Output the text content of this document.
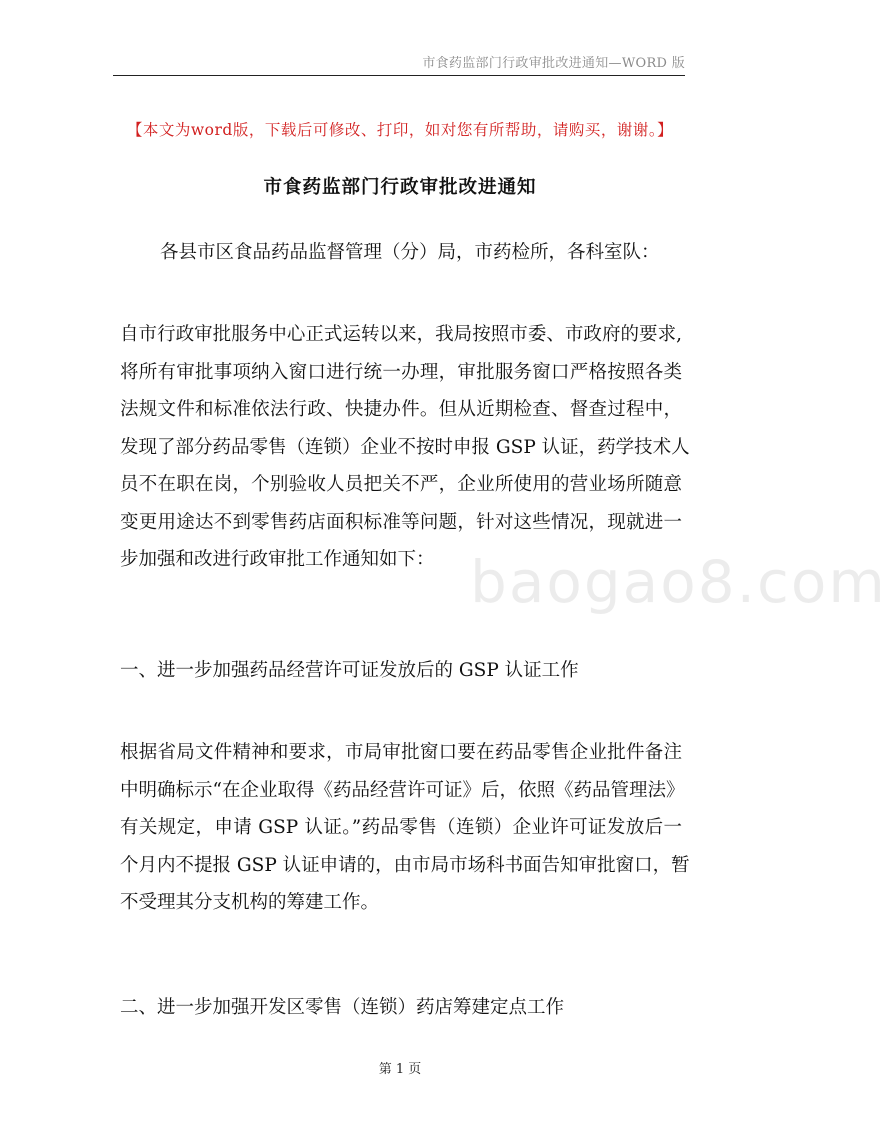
市食药监部门行政审批改进通知—WORD 版
【本文为word版，下载后可修改、打印，如对您有所帮助，请购买，谢谢。】
市食药监部门行政审批改进通知
各县市区食品药品监督管理（分）局，市药检所，各科室队：
自市行政审批服务中心正式运转以来，我局按照市委、市政府的要求,
将所有审批事项纳入窗口进行统一办理，审批服务窗口严格按照各类
法规文件和标准依法行政、快捷办件。但从近期检查、督查过程中，
发现了部分药品零售（连锁）企业不按时申报 GSP 认证，药学技术人
员不在职在岗，个别验收人员把关不严，企业所使用的营业场所随意
变更用途达不到零售药店面积标准等问题，针对这些情况，现就进一
步加强和改进行政审批工作通知如下：
一、进一步加强药品经营许可证发放后的 GSP 认证工作
根据省局文件精神和要求，市局审批窗口要在药品零售企业批件备注
中明确标示“在企业取得《药品经营许可证》后，依照《药品管理法》
有关规定，申请 GSP 认证。”药品零售（连锁）企业许可证发放后一
个月内不提报 GSP 认证申请的，由市局市场科书面告知审批窗口，暂
不受理其分支机构的筹建工作。
二、进一步加强开发区零售（连锁）药店筹建定点工作
baogao8.com
第 1 页
